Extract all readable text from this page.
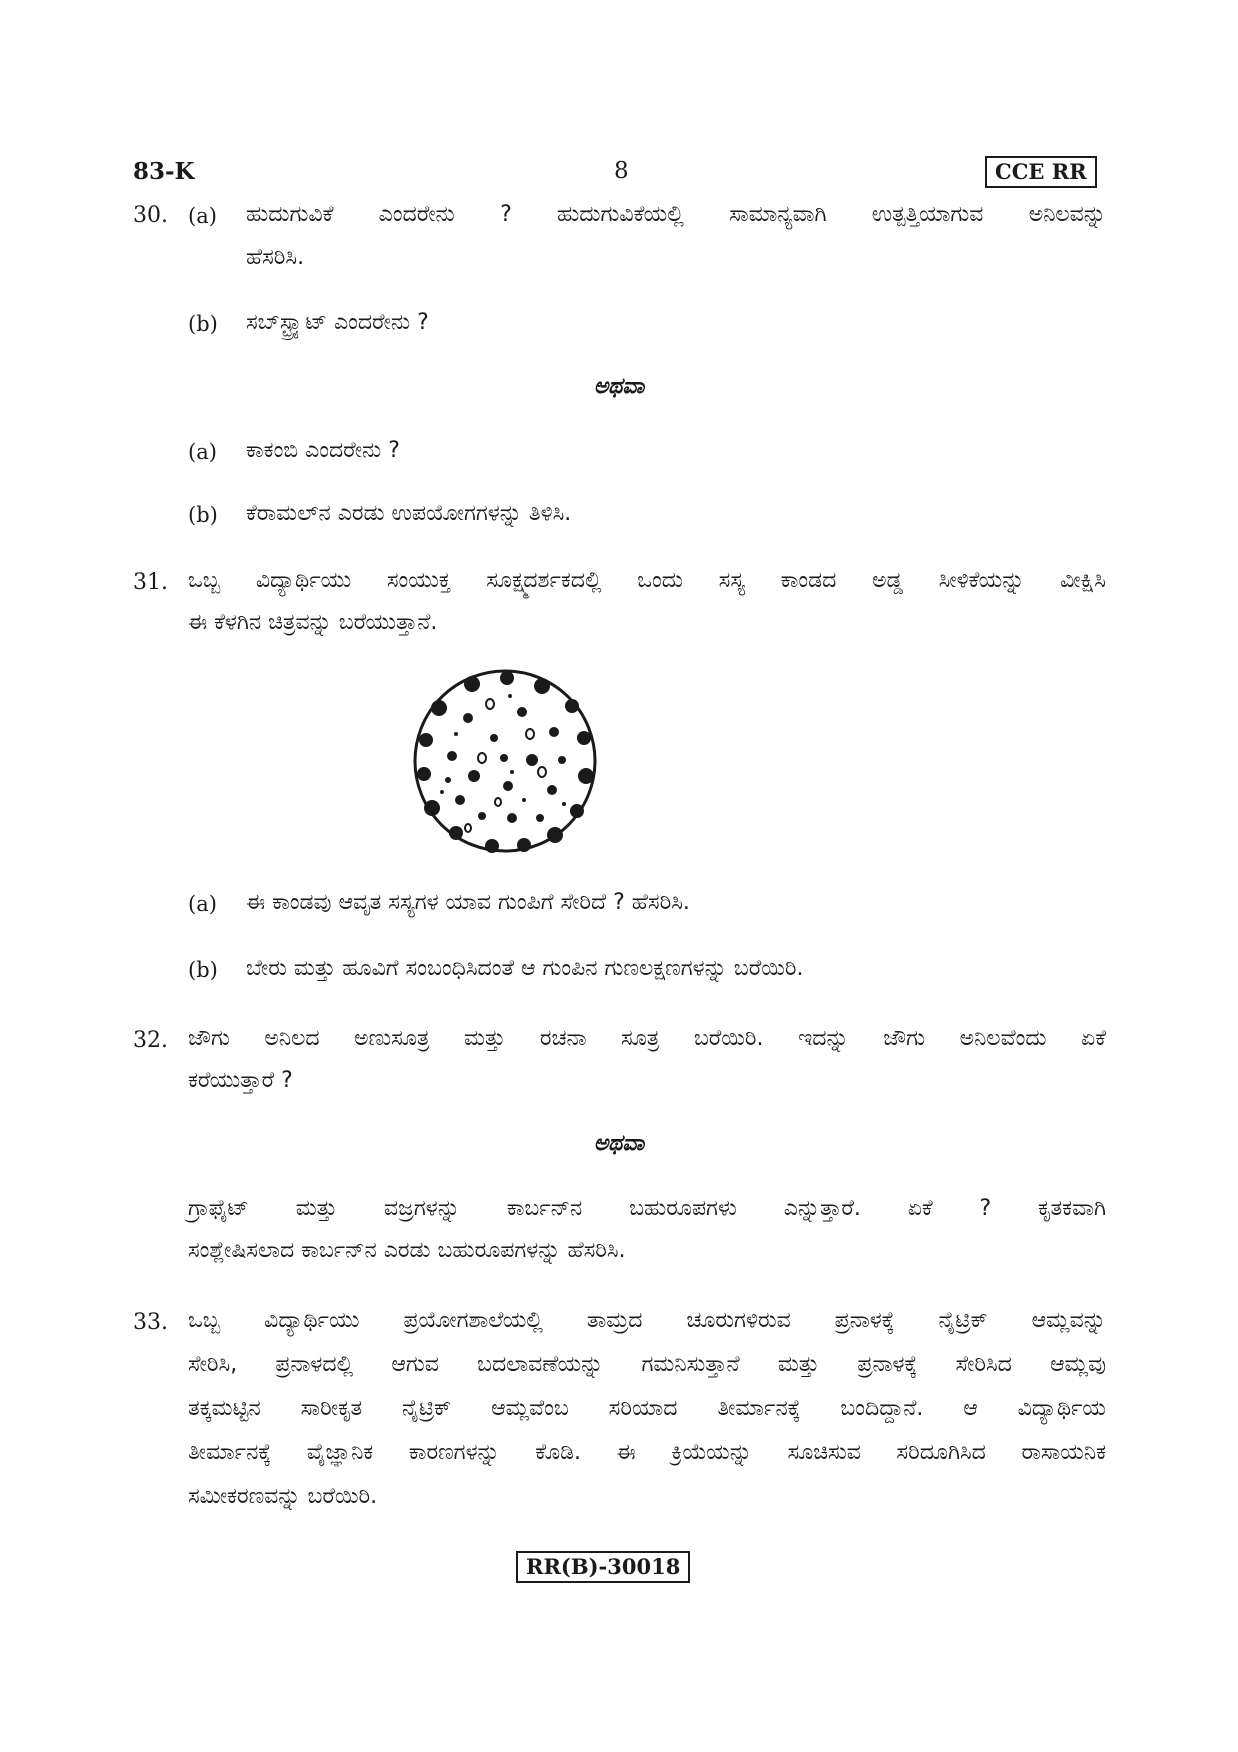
83-K	8	CCE RR
30. (a) ಹುದುಗುವಿಕೆ ಎಂದರೇನು ? ಹುದುಗುವಿಕೆಯಲ್ಲಿ ಸಾಮಾನ್ಯವಾಗಿ ಉತ್ಪತ್ತಿಯಾಗುವ ಅನಿಲವನ್ನು
ಹೆಸರಿಸಿ.
(b) ಸಬ್‌ಸ್ಟ್ರ್ಯಾಟ್ ಎಂದರೇನು ?
ಅಥವಾ
(a) ಕಾಕಂಬಿ ಎಂದರೇನು ?
(b) ಕೆರಾಮಲ್‌ನ ಎರಡು ಉಪಯೋಗಗಳನ್ನು ತಿಳಿಸಿ.
31. ಒಬ್ಬ ವಿದ್ಯಾರ್ಥಿಯು ಸಂಯುಕ್ತ ಸೂಕ್ಷ್ಮದರ್ಶಕದಲ್ಲಿ ಒಂದು ಸಸ್ಯ ಕಾಂಡದ ಅಡ್ಡ ಸೀಳಿಕೆಯನ್ನು ವೀಕ್ಷಿಸಿ
ಈ ಕೆಳಗಿನ ಚಿತ್ರವನ್ನು ಬರೆಯುತ್ತಾನೆ.
(a) ಈ ಕಾಂಡವು ಆವೃತ ಸಸ್ಯಗಳ ಯಾವ ಗುಂಪಿಗೆ ಸೇರಿದೆ ? ಹೆಸರಿಸಿ.
(b) ಬೇರು ಮತ್ತು ಹೂವಿಗೆ ಸಂಬಂಧಿಸಿದಂತೆ ಆ ಗುಂಪಿನ ಗುಣಲಕ್ಷಣಗಳನ್ನು ಬರೆಯಿರಿ.
32. ಜೌಗು ಅನಿಲದ ಅಣುಸೂತ್ರ ಮತ್ತು ರಚನಾ ಸೂತ್ರ ಬರೆಯಿರಿ. ಇದನ್ನು ಜೌಗು ಅನಿಲವೆಂದು ಏಕೆ
ಕರೆಯುತ್ತಾರೆ ?
ಅಥವಾ
ಗ್ರಾಫೈಟ್ ಮತ್ತು ವಜ್ರಗಳನ್ನು ಕಾರ್ಬನ್‌ನ ಬಹುರೂಪಗಳು ಎನ್ನುತ್ತಾರೆ. ಏಕೆ ? ಕೃತಕವಾಗಿ
ಸಂಶ್ಲೇಷಿಸಲಾದ ಕಾರ್ಬನ್‌ನ ಎರಡು ಬಹುರೂಪಗಳನ್ನು ಹೆಸರಿಸಿ.
33. ಒಬ್ಬ ವಿದ್ಯಾರ್ಥಿಯು ಪ್ರಯೋಗಶಾಲೆಯಲ್ಲಿ ತಾಮ್ರದ ಚೂರುಗಳಿರುವ ಪ್ರನಾಳಕ್ಕೆ ನೈಟ್ರಿಕ್ ಆಮ್ಲವನ್ನು
ಸೇರಿಸಿ, ಪ್ರನಾಳದಲ್ಲಿ ಆಗುವ ಬದಲಾವಣೆಯನ್ನು ಗಮನಿಸುತ್ತಾನೆ ಮತ್ತು ಪ್ರನಾಳಕ್ಕೆ ಸೇರಿಸಿದ ಆಮ್ಲವು
ತಕ್ಕಮಟ್ಟಿನ ಸಾರೀಕೃತ ನೈಟ್ರಿಕ್ ಆಮ್ಲವೆಂಬ ಸರಿಯಾದ ತೀರ್ಮಾನಕ್ಕೆ ಬಂದಿದ್ದಾನೆ. ಆ ವಿದ್ಯಾರ್ಥಿಯ
ತೀರ್ಮಾನಕ್ಕೆ ವೈಜ್ಞಾನಿಕ ಕಾರಣಗಳನ್ನು ಕೊಡಿ. ಈ ಕ್ರಿಯೆಯನ್ನು ಸೂಚಿಸುವ ಸರಿದೂಗಿಸಿದ ರಾಸಾಯನಿಕ
ಸಮೀಕರಣವನ್ನು ಬರೆಯಿರಿ.
RR(B)-30018
